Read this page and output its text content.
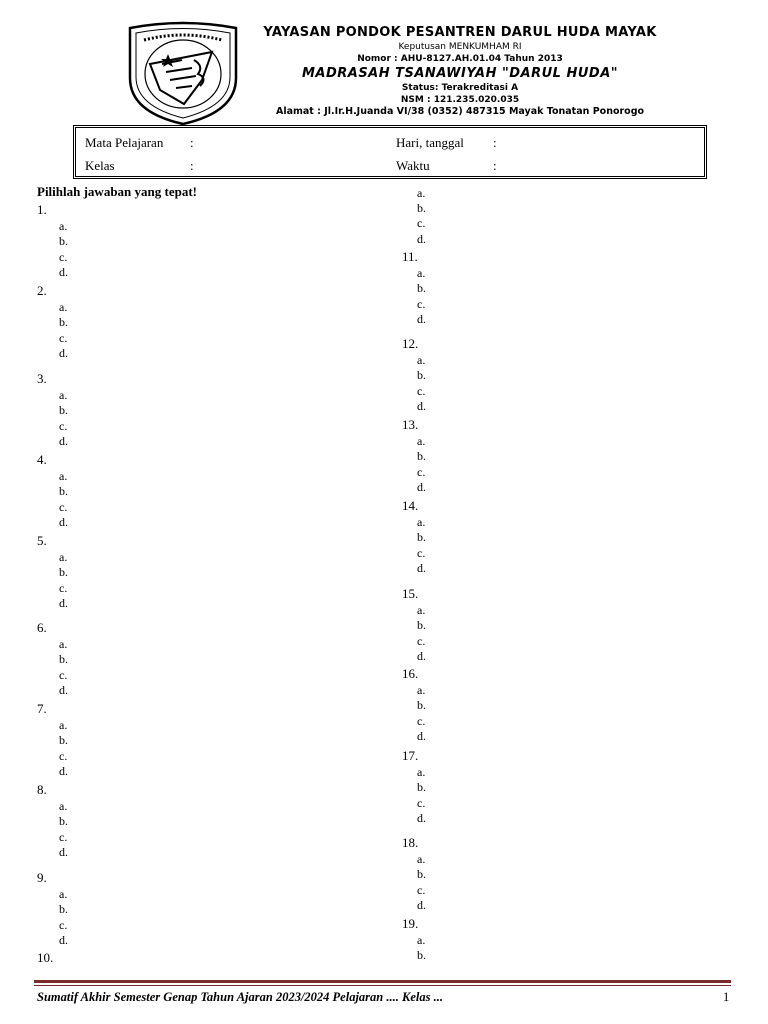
YAYASAN PONDOK PESANTREN DARUL HUDA MAYAK
Keputusan MENKUMHAM RI
Nomor : AHU-8127.AH.01.04 Tahun 2013
MADRASAH TSANAWIYAH "DARUL HUDA"
Status: Terakreditasi A
NSM : 121.235.020.035
Alamat : Jl.Ir.H.Juanda VI/38 (0352) 487315 Mayak Tonatan Ponorogo
Mata Pelajaran :	Hari, tanggal :
Kelas	:	Waktu	:
Pilihlah jawaban yang tepat!	a.
b.
c.
d.
1.
a.
b.
c.
d.
2.
a.
b.
c.
d.
3.
a.
b.
c.
d.
4.
a.
b.
c.
d.
5.
a.
b.
c.
d.
6.
a.
b.
c.
d.
7.
a.
b.
c.
d.
8.
a.
b.
c.
d.
9.
a.
b.
c.
d.
10.
11.
a.
b.
c.
d.
12.
a.
b.
c.
d.
13.
a.
b.
c.
d.
14.
a.
b.
c.
d.
15.
a.
b.
c.
d.
16.
a.
b.
c.
d.
17.
a.
b.
c.
d.
18.
a.
b.
c.
d.
19.
a.
b.
Sumatif Akhir Semester Genap Tahun Ajaran 2023/2024 Pelajaran .... Kelas ...	1
